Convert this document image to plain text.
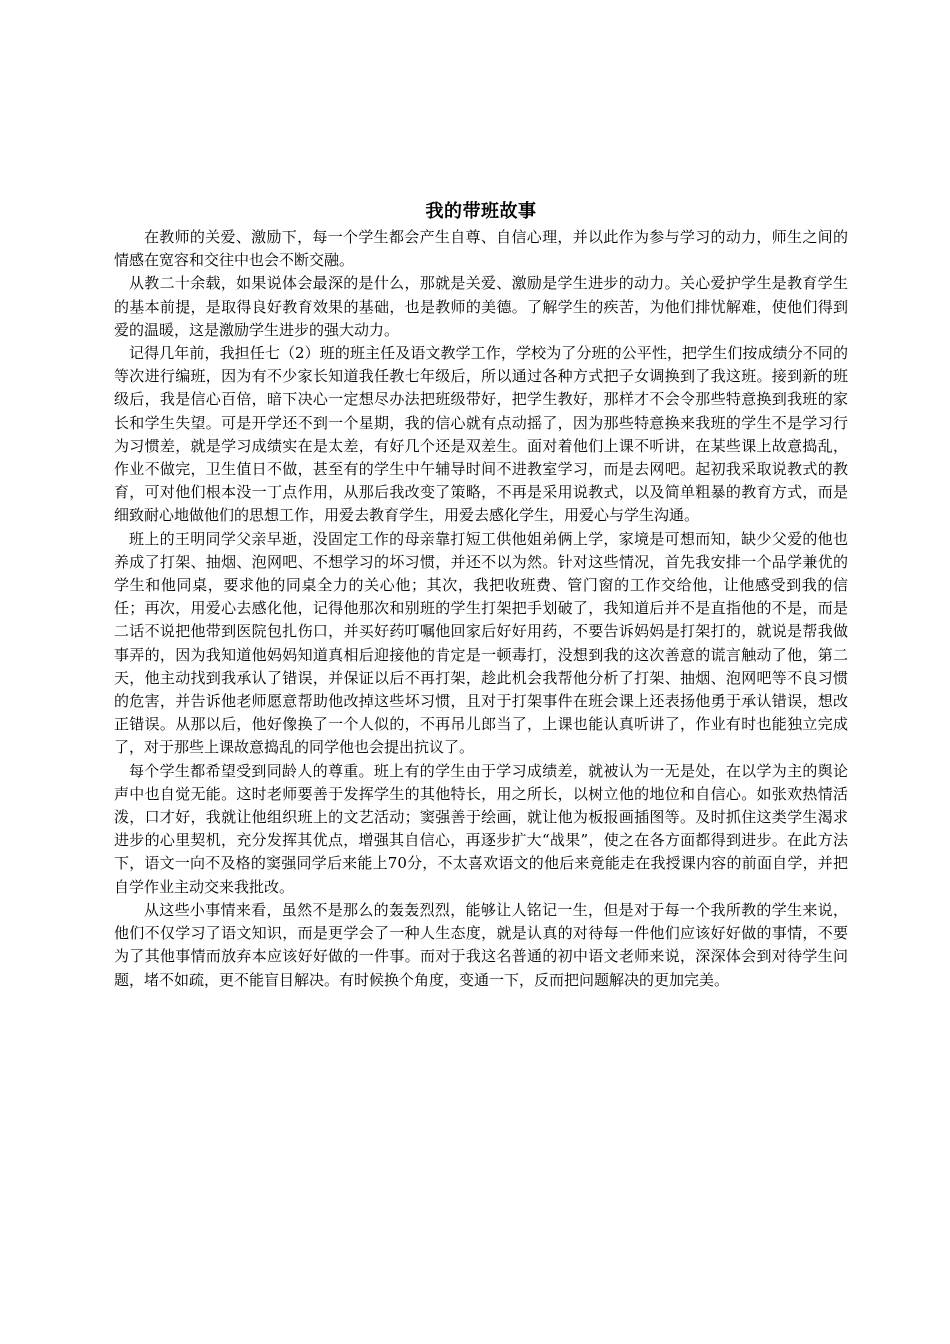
我的带班故事

在教师的关爱、激励下，每一个学生都会产生自尊、自信心理，并以此作为参与学习的动力，师生之间的情感在宽容和交往中也会不断交融。

从教二十余载，如果说体会最深的是什么，那就是关爱、激励是学生进步的动力。关心爱护学生是教育学生的基本前提，是取得良好教育效果的基础，也是教师的美德。了解学生的疾苦，为他们排忧解难，使他们得到爱的温暖，这是激励学生进步的强大动力。

记得几年前，我担任七（2）班的班主任及语文教学工作，学校为了分班的公平性，把学生们按成绩分不同的等次进行编班，因为有不少家长知道我任教七年级后，所以通过各种方式把子女调换到了我这班。接到新的班级后，我是信心百倍，暗下决心一定想尽办法把班级带好，把学生教好，那样才不会令那些特意换到我班的家长和学生失望。可是开学还不到一个星期，我的信心就有点动摇了，因为那些特意换来我班的学生不是学习行为习惯差，就是学习成绩实在是太差，有好几个还是双差生。面对着他们上课不听讲，在某些课上故意捣乱，作业不做完，卫生值日不做，甚至有的学生中午辅导时间不进教室学习，而是去网吧。起初我采取说教式的教育，可对他们根本没一丁点作用，从那后我改变了策略，不再是采用说教式，以及简单粗暴的教育方式，而是细致耐心地做他们的思想工作，用爱去教育学生，用爱去感化学生，用爱心与学生沟通。

班上的王明同学父亲早逝，没固定工作的母亲靠打短工供他姐弟俩上学，家境是可想而知，缺少父爱的他也养成了打架、抽烟、泡网吧、不想学习的坏习惯，并还不以为然。针对这些情况，首先我安排一个品学兼优的学生和他同桌，要求他的同桌全力的关心他；其次，我把收班费、管门窗的工作交给他，让他感受到我的信任；再次，用爱心去感化他，记得他那次和别班的学生打架把手划破了，我知道后并不是直指他的不是，而是二话不说把他带到医院包扎伤口，并买好药叮嘱他回家后好好用药，不要告诉妈妈是打架打的，就说是帮我做事弄的，因为我知道他妈妈知道真相后迎接他的肯定是一顿毒打，没想到我的这次善意的谎言触动了他，第二天，他主动找到我承认了错误，并保证以后不再打架，趁此机会我帮他分析了打架、抽烟、泡网吧等不良习惯的危害，并告诉他老师愿意帮助他改掉这些坏习惯，且对于打架事件在班会课上还表扬他勇于承认错误，想改正错误。从那以后，他好像换了一个人似的，不再吊儿郎当了，上课也能认真听讲了，作业有时也能独立完成了，对于那些上课故意捣乱的同学他也会提出抗议了。

每个学生都希望受到同龄人的尊重。班上有的学生由于学习成绩差，就被认为一无是处，在以学为主的舆论声中也自觉无能。这时老师要善于发挥学生的其他特长，用之所长，以树立他的地位和自信心。如张欢热情活泼，口才好，我就让他组织班上的文艺活动；窦强善于绘画，就让他为板报画插图等。及时抓住这类学生渴求进步的心里契机，充分发挥其优点，增强其自信心，再逐步扩大“战果”，使之在各方面都得到进步。在此方法下，语文一向不及格的窦强同学后来能上70分，不太喜欢语文的他后来竟能走在我授课内容的前面自学，并把自学作业主动交来我批改。

从这些小事情来看，虽然不是那么的轰轰烈烈，能够让人铭记一生，但是对于每一个我所教的学生来说，他们不仅学习了语文知识，而是更学会了一种人生态度，就是认真的对待每一件他们应该好好做的事情，不要为了其他事情而放弃本应该好好做的一件事。而对于我这名普通的初中语文老师来说，深深体会到对待学生问题，堵不如疏，更不能盲目解决。有时候换个角度，变通一下，反而把问题解决的更加完美。
